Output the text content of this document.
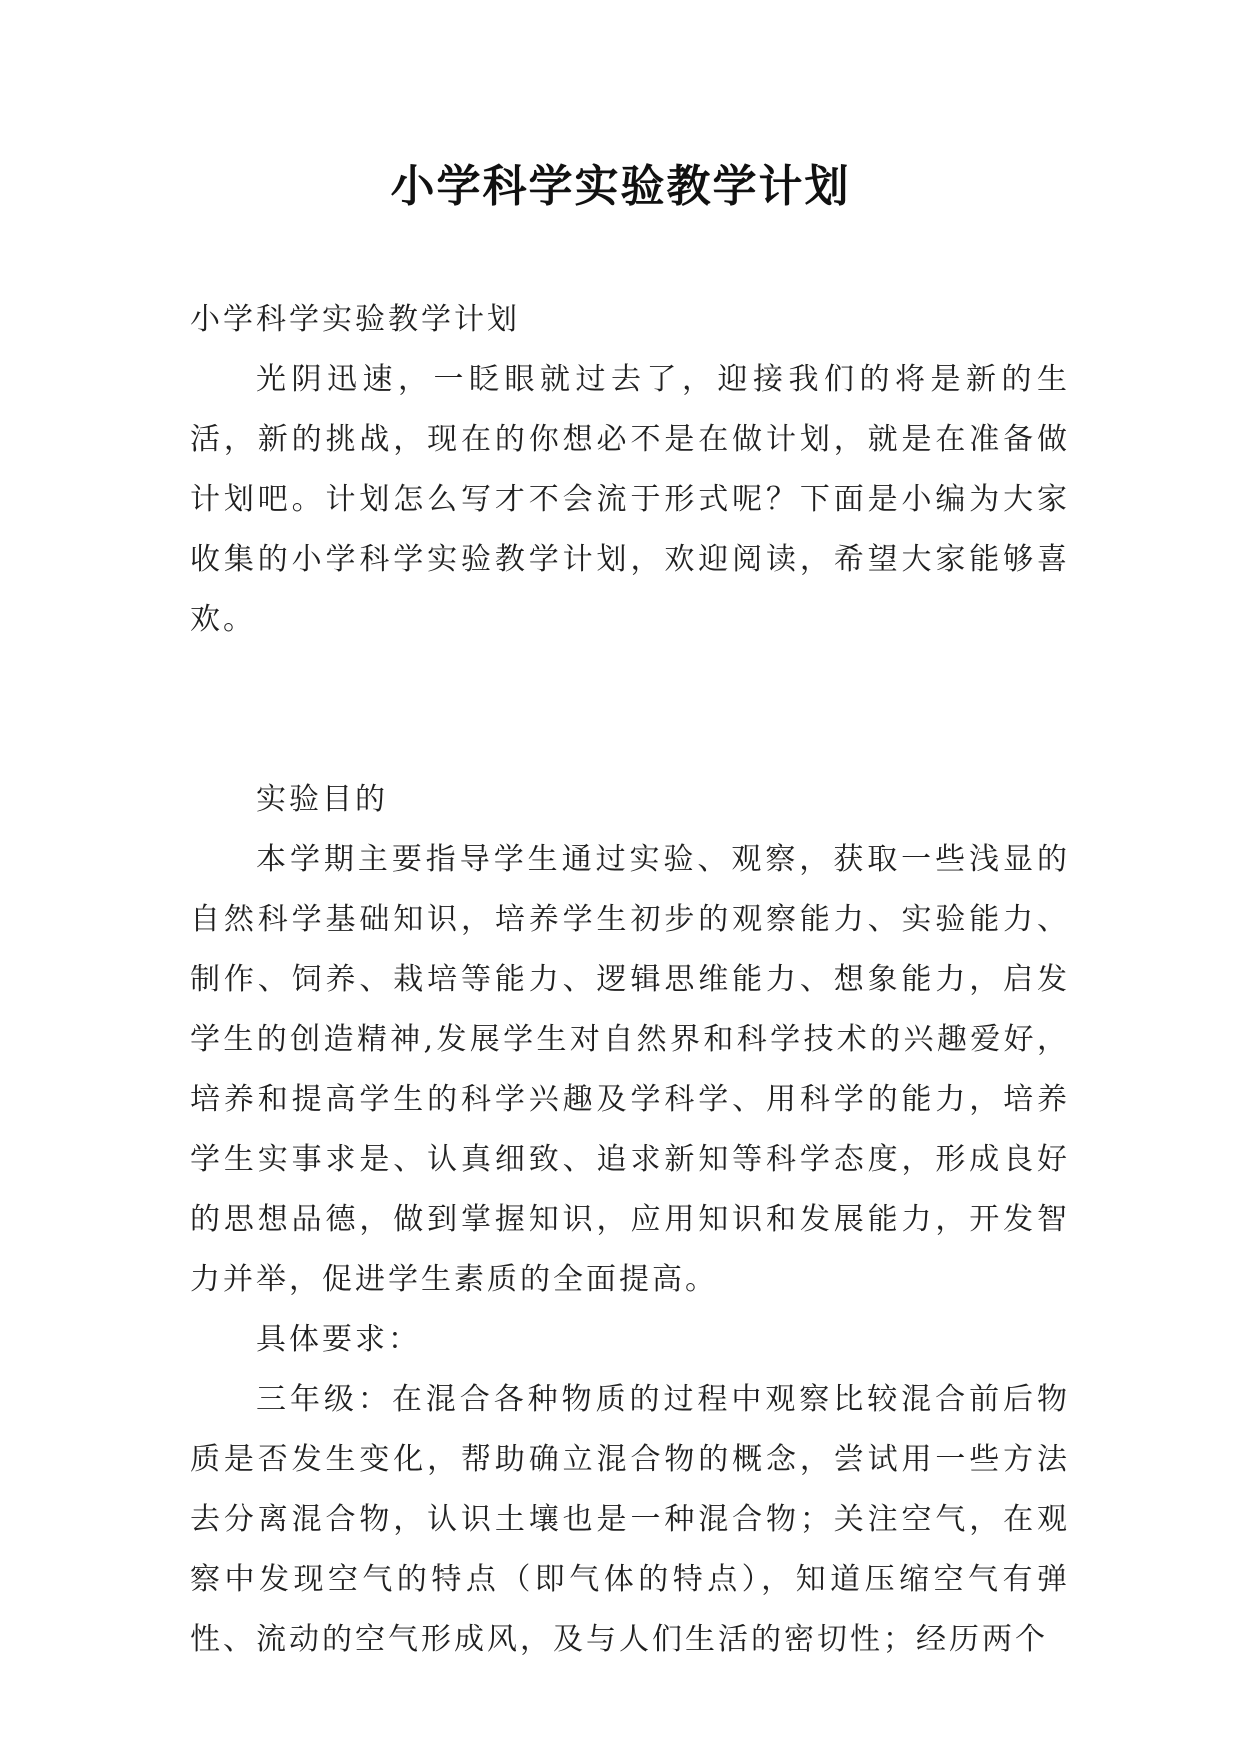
小学科学实验教学计划

小学科学实验教学计划

光阴迅速，一眨眼就过去了，迎接我们的将是新的生活，新的挑战，现在的你想必不是在做计划，就是在准备做计划吧。计划怎么写才不会流于形式呢？下面是小编为大家收集的小学科学实验教学计划，欢迎阅读，希望大家能够喜欢。

实验目的

本学期主要指导学生通过实验、观察，获取一些浅显的自然科学基础知识，培养学生初步的观察能力、实验能力、制作、饲养、栽培等能力、逻辑思维能力、想象能力，启发学生的创造精神,发展学生对自然界和科学技术的兴趣爱好，培养和提高学生的科学兴趣及学科学、用科学的能力，培养学生实事求是、认真细致、追求新知等科学态度，形成良好的思想品德，做到掌握知识，应用知识和发展能力，开发智力并举，促进学生素质的全面提高。

具体要求：

三年级：在混合各种物质的过程中观察比较混合前后物质是否发生变化，帮助确立混合物的概念，尝试用一些方法去分离混合物，认识土壤也是一种混合物；关注空气，在观察中发现空气的特点（即气体的特点），知道压缩空气有弹性、流动的空气形成风，及与人们生活的密切性；经历两个
